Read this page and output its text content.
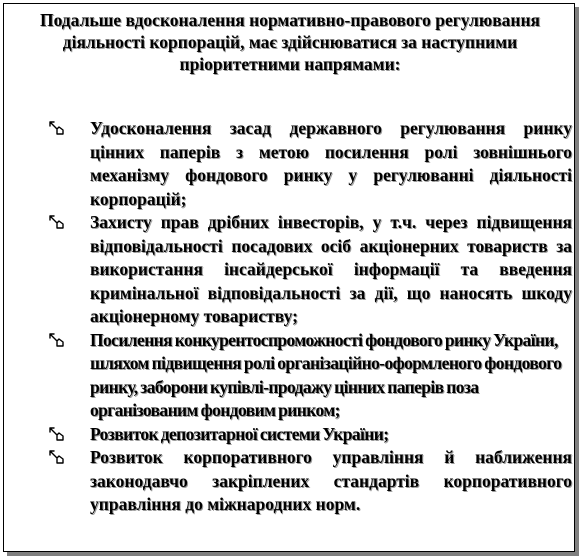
Подальше вдосконалення нормативно-правового регулювання діяльності корпорацій, має здійснюватися за наступними пріоритетними напрямами:
Удосконалення засад державного регулювання ринку цінних паперів з метою посилення ролі зовнішнього механізму фондового ринку у регулюванні діяльності корпорацій;
Захисту прав дрібних інвесторів, у т.ч. через підвищення відповідальності посадових осіб акціонерних товариств за використання інсайдерської інформації та введення кримінальної відповідальності за дії, що наносять шкоду акціонерному товариству;
Посилення конкурентоспроможності фондового ринку України, шляхом підвищення ролі організаційно-оформленого фондового ринку, заборони купівлі-продажу цінних паперів поза організованим фондовим ринком;
Розвиток депозитарної системи України;
Розвиток корпоративного управління й наближення законодавчо закріплених стандартів корпоративного управління до міжнародних норм.
